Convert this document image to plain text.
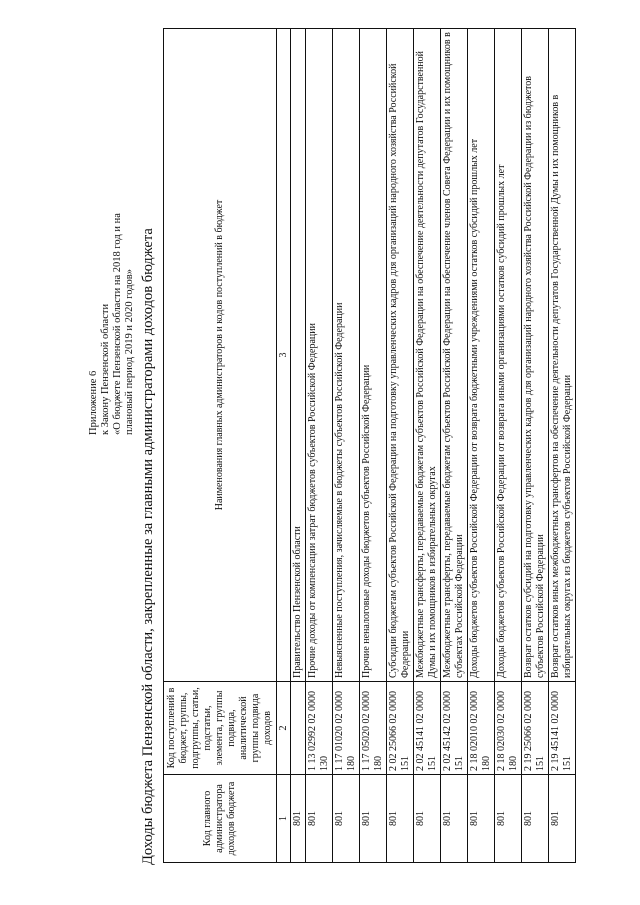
Приложение 6 к Закону Пензенской области «О бюджете Пензенской области на 2018 год и на плановый период 2019 и 2020 годов» Доходы бюджета Пензенской области, закрепленные за главными администраторами доходов бюджета	Код главного администратора доходов бюджета	Код поступлений в бюджет, группы, подгруппы, статьи, подстатьи, элемента, группы подвида, аналитической группы подвида доходов	Наименования главных администраторов и кодов поступлений в бюджет
1	2	3
801		Правительство Пензенской области
801	1 13 02992 02 0000 130	Прочие доходы от компенсации затрат бюджетов субъектов Российской Федерации
801	1 17 01020 02 0000 180	Невыясненные поступления, зачисляемые в бюджеты субъектов Российской Федерации
801	1 17 05020 02 0000 180	Прочие неналоговые доходы бюджетов субъектов Российской Федерации
801	2 02 25066 02 0000 151	Субсидии бюджетам субъектов Российской Федерации на подготовку управленческих кадров для организаций народного хозяйства Российской Федерации
801	2 02 45141 02 0000 151	Межбюджетные трансферты, передаваемые бюджетам субъектов Российской Федерации на обеспечение деятельности депутатов Государственной Думы и их помощников в избирательных округах
801	2 02 45142 02 0000 151	Межбюджетные трансферты, передаваемые бюджетам субъектов Российской Федерации на обеспечение членов Совета Федерации и их помощников в субъектах Российской Федерации
801	2 18 02010 02 0000 180	Доходы бюджетов субъектов Российской Федерации от возврата бюджетными учреждениями остатков субсидий прошлых лет
801	2 18 02030 02 0000 180	Доходы бюджетов субъектов Российской Федерации от возврата иными организациями остатков субсидий прошлых лет
801	2 19 25066 02 0000 151	Возврат остатков субсидий на подготовку управленческих кадров для организаций народного хозяйства Российской Федерации из бюджетов субъектов Российской Федерации
801	2 19 45141 02 0000 151	Возврат остатков иных межбюджетных трансфертов на обеспечение деятельности депутатов Государственной Думы и их помощников в избирательных округах из бюджетов субъектов Российской Федерации
